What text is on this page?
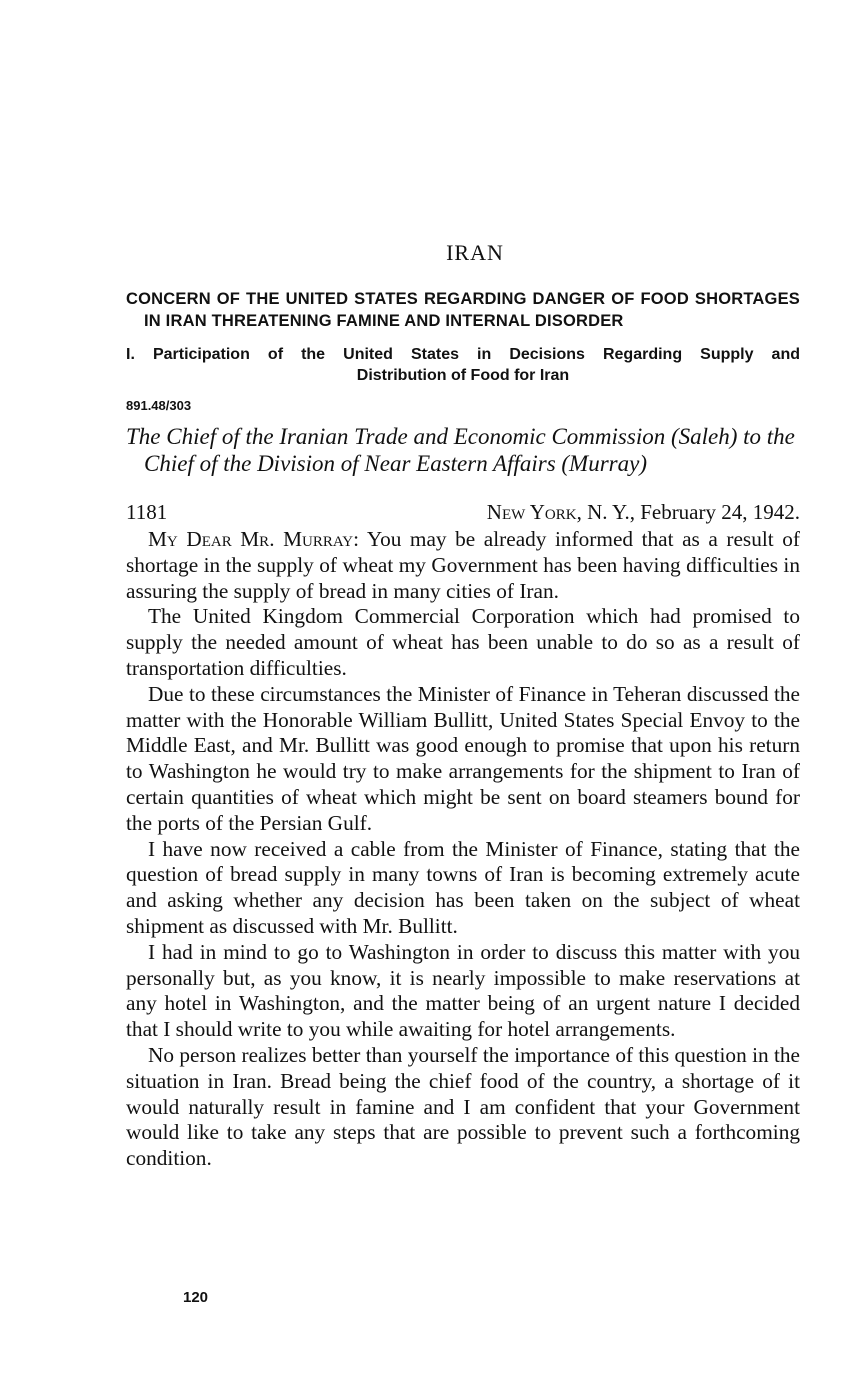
IRAN
CONCERN OF THE UNITED STATES REGARDING DANGER OF FOOD SHORTAGES IN IRAN THREATENING FAMINE AND INTERNAL DISORDER
I. Participation of the United States in Decisions Regarding Supply and
Distribution of Food for Iran
891.48/303
The Chief of the Iranian Trade and Economic Commission (Saleh) to the Chief of the Division of Near Eastern Affairs (Murray)
1181	New York, N. Y., February 24, 1942.

My Dear Mr. Murray: You may be already informed that as a result of shortage in the supply of wheat my Government has been having difficulties in assuring the supply of bread in many cities of Iran.

The United Kingdom Commercial Corporation which had promised to supply the needed amount of wheat has been unable to do so as a result of transportation difficulties.

Due to these circumstances the Minister of Finance in Teheran discussed the matter with the Honorable William Bullitt, United States Special Envoy to the Middle East, and Mr. Bullitt was good enough to promise that upon his return to Washington he would try to make arrangements for the shipment to Iran of certain quantities of wheat which might be sent on board steamers bound for the ports of the Persian Gulf.

I have now received a cable from the Minister of Finance, stating that the question of bread supply in many towns of Iran is becoming extremely acute and asking whether any decision has been taken on the subject of wheat shipment as discussed with Mr. Bullitt.

I had in mind to go to Washington in order to discuss this matter with you personally but, as you know, it is nearly impossible to make reservations at any hotel in Washington, and the matter being of an urgent nature I decided that I should write to you while awaiting for hotel arrangements.

No person realizes better than yourself the importance of this question in the situation in Iran. Bread being the chief food of the country, a shortage of it would naturally result in famine and I am confident that your Government would like to take any steps that are possible to prevent such a forthcoming condition.

120
